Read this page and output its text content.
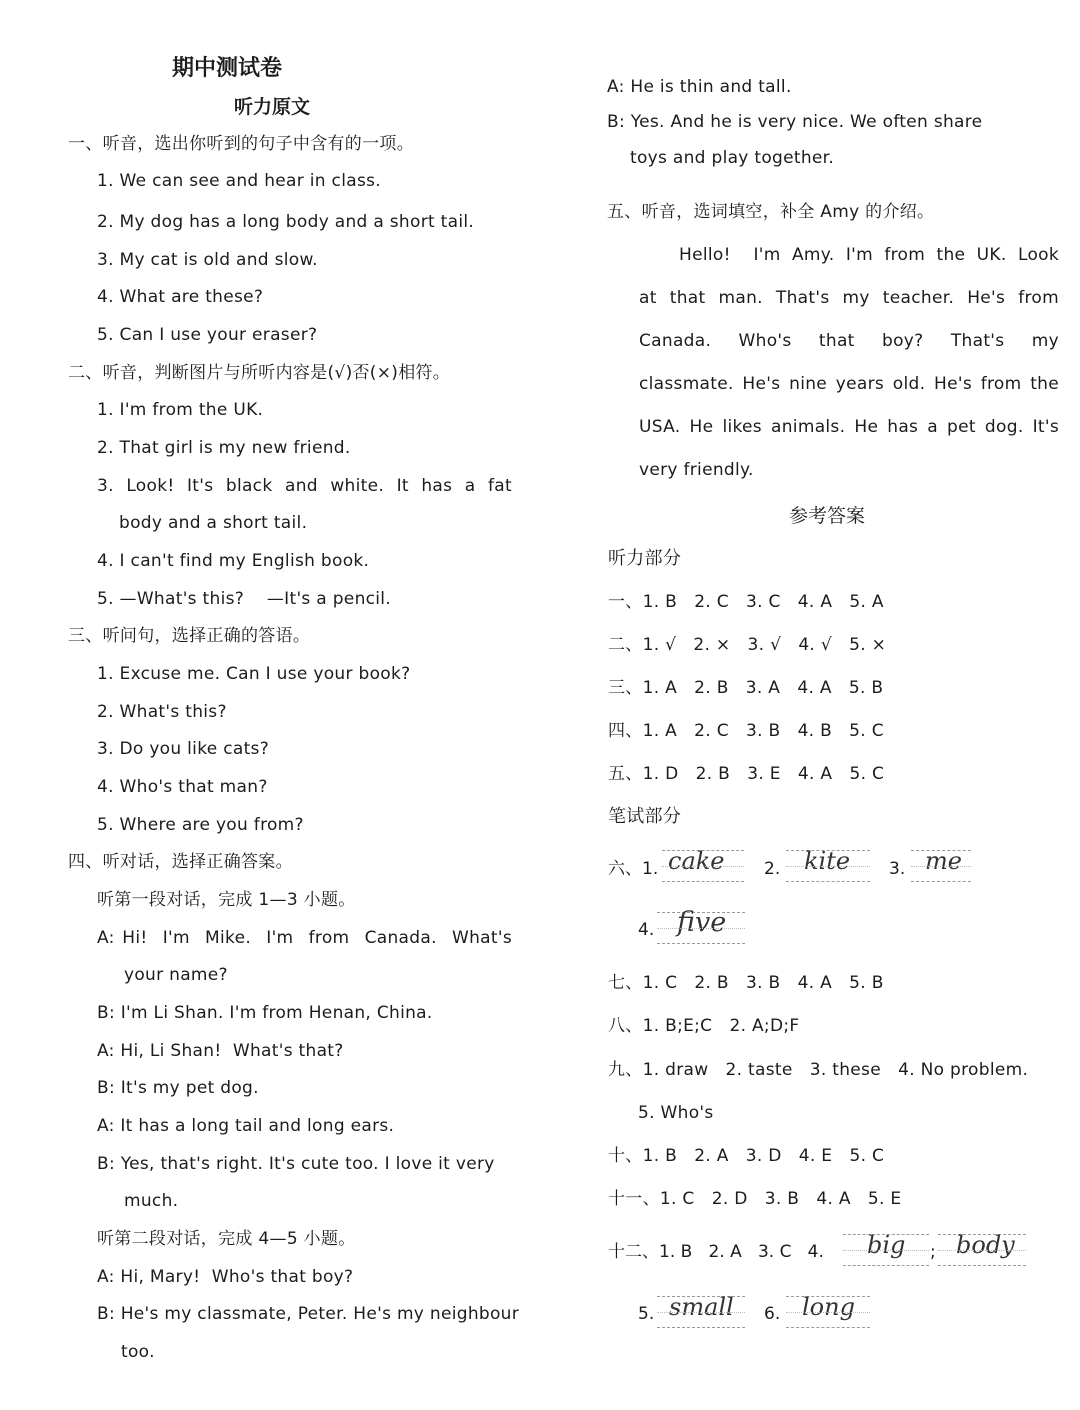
期中测试卷
听力原文
一、听音，选出你听到的句子中含有的一项。
1. We can see and hear in class.
2. My dog has a long body and a short tail.
3. My cat is old and slow.
4. What are these?
5. Can I use your eraser?
二、听音，判断图片与所听内容是(√)否(×)相符。
1. I'm from the UK.
2. That girl is my new friend.
3. Look! It's black and white. It has a fat
body and a short tail.
4. I can't find my English book.
5. —What's this?    —It's a pencil.
三、听问句，选择正确的答语。
1. Excuse me. Can I use your book?
2. What's this?
3. Do you like cats?
4. Who's that man?
5. Where are you from?
四、听对话，选择正确答案。
听第一段对话，完成 1—3 小题。
A: Hi!  I'm  Mike.  I'm  from  Canada.  What's
your name?
B: I'm Li Shan. I'm from Henan, China.
A: Hi, Li Shan!  What's that?
B: It's my pet dog.
A: It has a long tail and long ears.
B: Yes, that's right. It's cute too. I love it very
much.
听第二段对话，完成 4—5 小题。
A: Hi, Mary!  Who's that boy?
B: He's my classmate, Peter. He's my neighbour
too.
A: He is thin and tall.
B: Yes. And he is very nice. We often share
toys and play together.
五、听音，选词填空，补全 Amy 的介绍。
Hello!  I'm Amy. I'm from the UK. Look
at that man. That's my teacher. He's from
Canada.   Who's   that   boy?   That's   my
classmate. He's nine years old. He's from the
USA. He likes animals. He has a pet dog. It's
very friendly.
参考答案
听力部分
一、1. B   2. C   3. C   4. A   5. A
二、1. √   2. ×   3. √   4. √   5. ×
三、1. A   2. B   3. A   4. A   5. B
四、1. A   2. C   3. B   4. B   5. C
五、1. D   2. B   3. E   4. A   5. C
笔试部分
六、1. cake 2. kite 3. me
4. five
七、1. C   2. B   3. B   4. A   5. B
八、1. B;E;C   2. A;D;F
九、1. draw   2. taste   3. these   4. No problem.
5. Who's
十、1. B   2. A   3. D   4. E   5. C
十一、1. C   2. D   3. B   4. A   5. E
十二、1. B   2. A   3. C   4. big ; body
5. small 6. long
